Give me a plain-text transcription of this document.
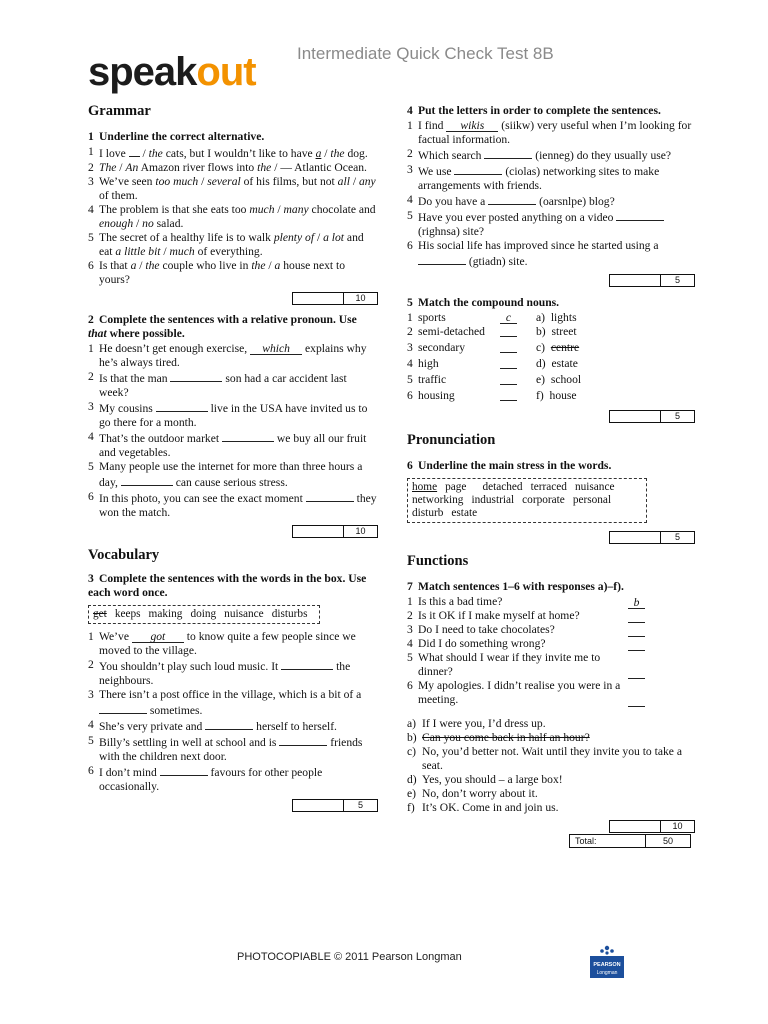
speakout Intermediate Quick Check Test 8B
Grammar
1 Underline the correct alternative.
1 I love  / the cats, but I wouldn’t like to have a / the dog.
2 The / An Amazon river flows into the / — Atlantic Ocean.
3 We’ve seen too much / several of his films, but not all / any of them.
4 The problem is that she eats too much / many chocolate and enough / no salad.
5 The secret of a healthy life is to walk plenty of / a lot and eat a little bit / much of everything.
6 Is that a / the couple who live in the / a house next to yours?
10
2 Complete the sentences with a relative pronoun. Use that where possible.
1 He doesn’t get enough exercise, which explains why he’s always tired.
2 Is that the man	son had a car accident last week?
3 My cousins	live in the USA have invited us to go there for a month.
4 That’s the outdoor market	we buy all our fruit and vegetables.
5 Many people use the internet for more than three hours a day,	can cause serious stress.
6 In this photo, you can see the exact moment	they won the match.
10
Vocabulary
3 Complete the sentences with the words in the box. Use each word once.
get keeps making doing nuisance disturbs
1 We’ve got to know quite a few people since we moved to the village.
2 You shouldn’t play such loud music. It	the neighbours.
3 There isn’t a post office in the village, which is a bit of a  sometimes.
4 She’s very private and	herself to herself.
5 Billy’s settling in well at school and is	friends with the children next door.
6 I don’t mind	favours for other people occasionally.
5
4 Put the letters in order to complete the sentences.
1 I find wikis (siikw) very useful when I’m looking for factual information.
2 Which search	(ienneg) do they usually use?
3 We use	(ciolas) networking sites to make arrangements with friends.
4 Do you have a	(oarsnlpe) blog?
5 Have you ever posted anything on a video  (righnsa) site?
6 His social life has improved since he started using a  (gtiadn) site.
5
5 Match the compound nouns.
1 sports	c	a) lights
2 semi-detached	b) street
3 secondary	c) centre
4 high	d) estate
5 traffic	e) school
6 housing	f) house
5
Pronunciation
6 Underline the main stress in the words.
home page detached terraced nuisance
networking industrial corporate personal
disturb estate
5
Functions
7 Match sentences 1–6 with responses a)–f).
1 Is this a bad time?	b
2 Is it OK if I make myself at home?
3 Do I need to take chocolates?
4 Did I do something wrong?
5 What should I wear if they invite me to dinner?
6 My apologies. I didn’t realise you were in a meeting.
a) If I were you, I’d dress up.
b) Can you come back in half an hour?
c) No, you’d better not. Wait until they invite you to take a seat.
d) Yes, you should – a large box!
e) No, don’t worry about it.
f) It’s OK. Come in and join us.
10
Total:	50
PHOTOCOPIABLE © 2011 Pearson Longman
PEARSON
Longman
